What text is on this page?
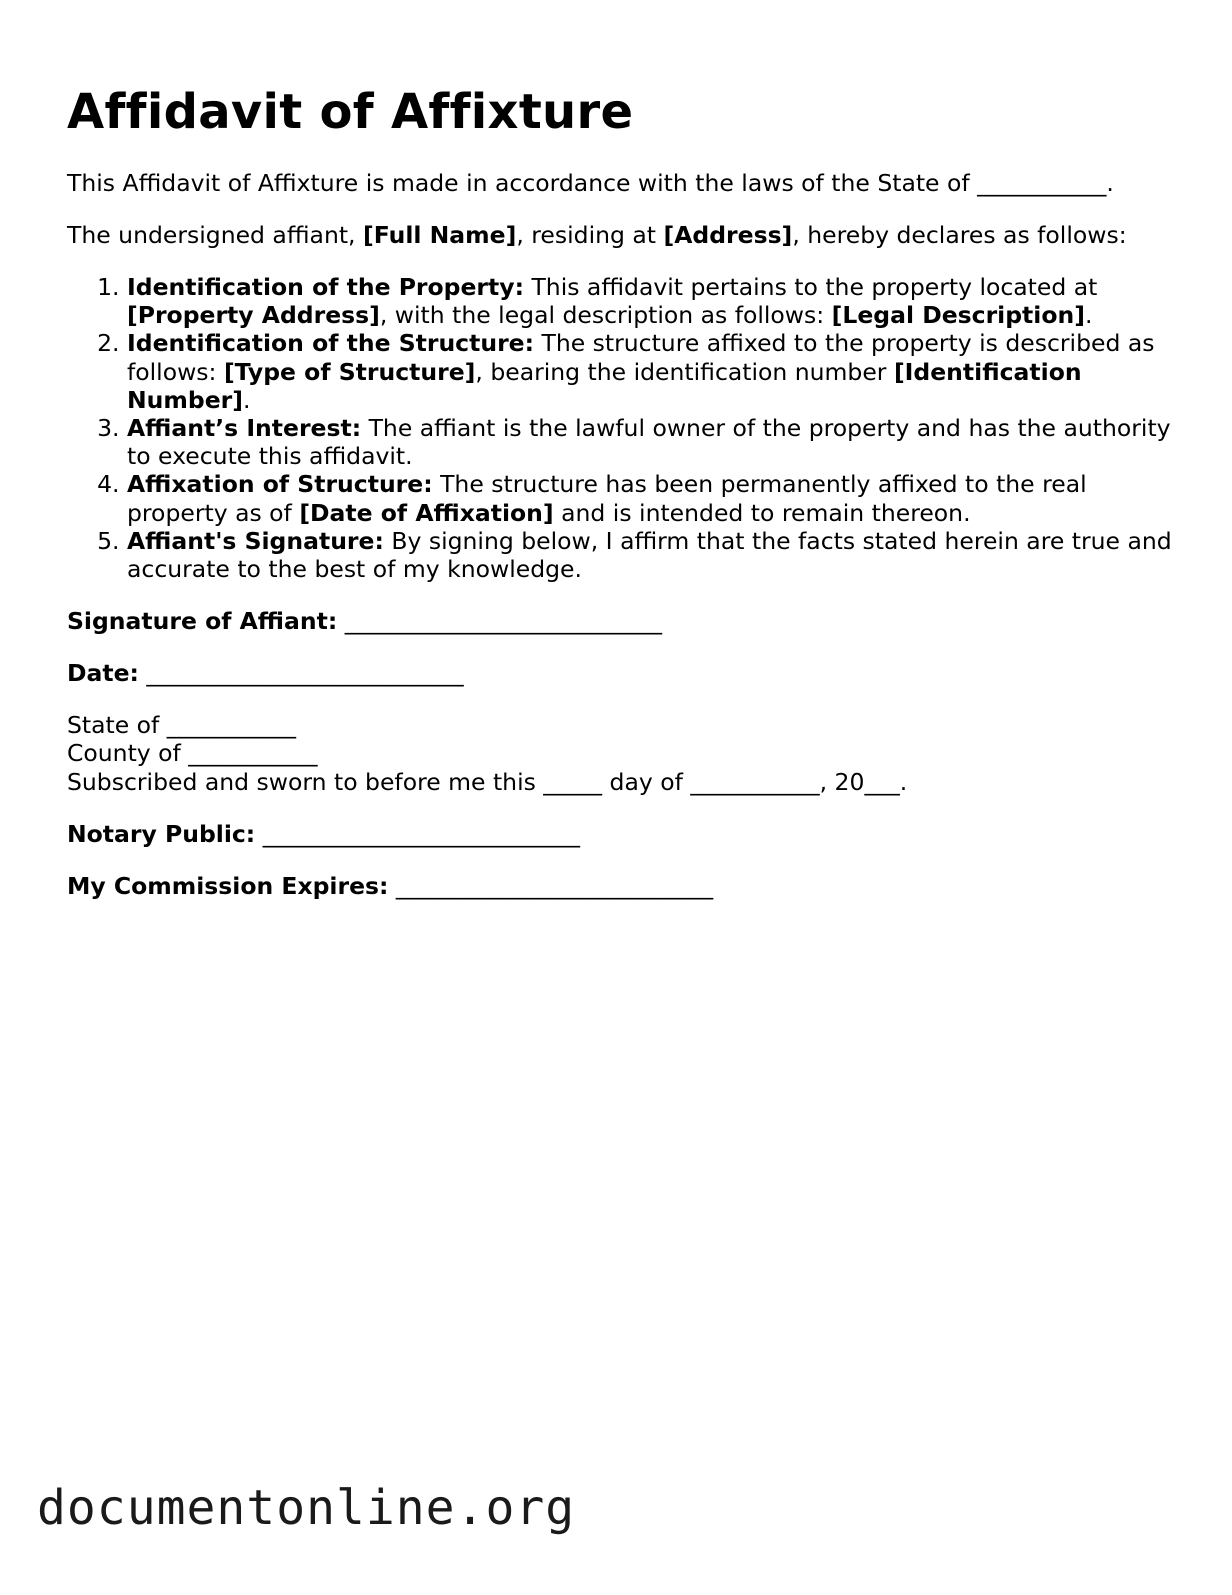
Affidavit of Affixture

This Affidavit of Affixture is made in accordance with the laws of the State of ___________.

The undersigned affiant, [Full Name], residing at [Address], hereby declares as follows:

1. Identification of the Property: This affidavit pertains to the property located at [Property Address], with the legal description as follows: [Legal Description].
2. Identification of the Structure: The structure affixed to the property is described as follows: [Type of Structure], bearing the identification number [Identification Number].
3. Affiant’s Interest: The affiant is the lawful owner of the property and has the authority to execute this affidavit.
4. Affixation of Structure: The structure has been permanently affixed to the real property as of [Date of Affixation] and is intended to remain thereon.
5. Affiant's Signature: By signing below, I affirm that the facts stated herein are true and accurate to the best of my knowledge.

Signature of Affiant: ___________________________

Date: ___________________________

State of ___________
County of ___________
Subscribed and sworn to before me this _____ day of ___________, 20___.

Notary Public: ___________________________

My Commission Expires: ___________________________

documentonline.org
